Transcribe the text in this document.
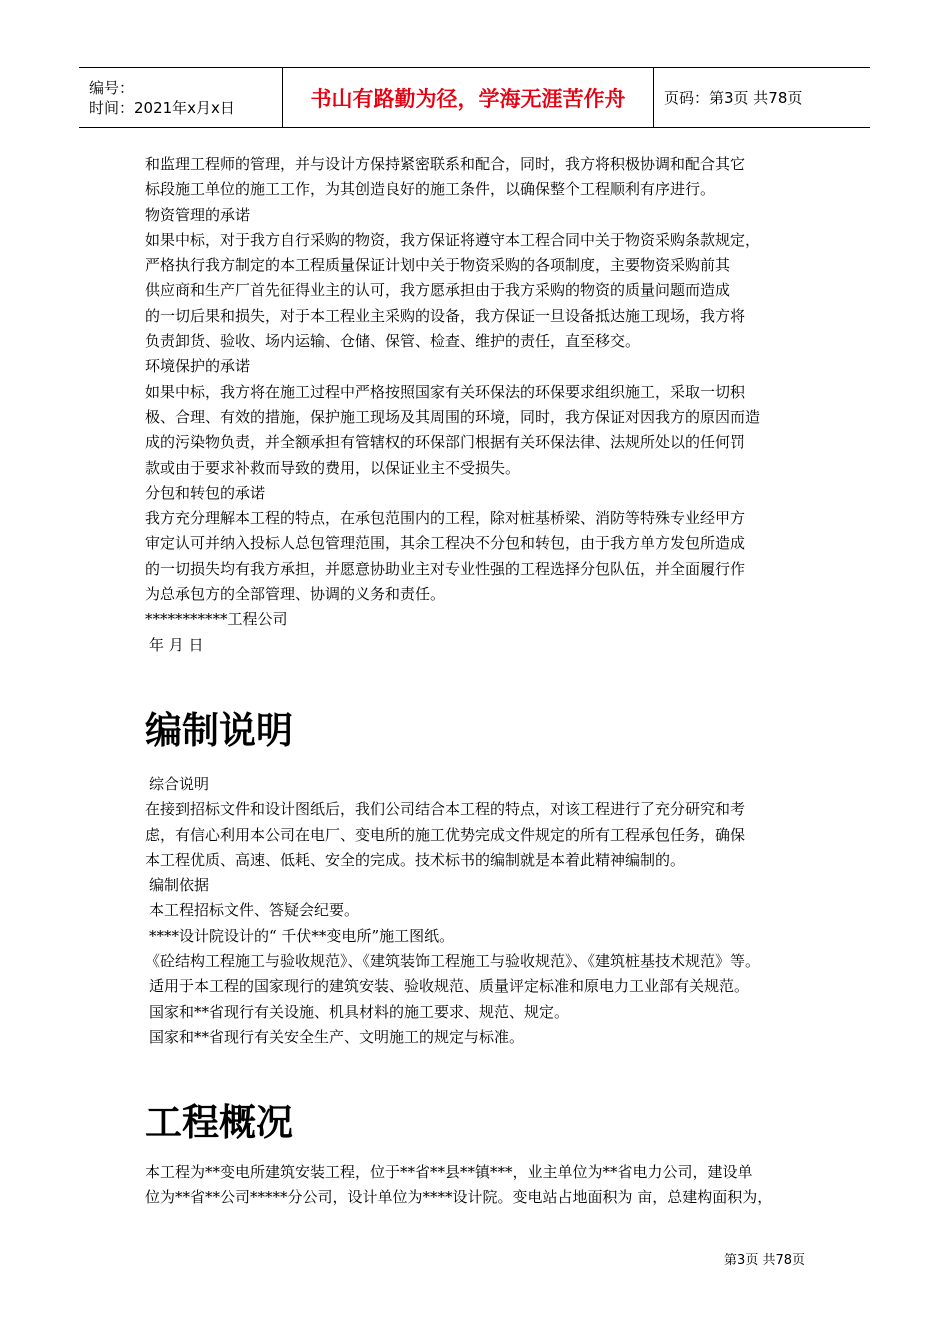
编号：
时间：2021年x月x日	书山有路勤为径，学海无涯苦作舟	页码：第3页 共78页

和监理工程师的管理，并与设计方保持紧密联系和配合，同时，我方将积极协调和配合其它

标段施工单位的施工工作，为其创造良好的施工条件，以确保整个工程顺利有序进行。

物资管理的承诺

如果中标，对于我方自行采购的物资，我方保证将遵守本工程合同中关于物资采购条款规定，

严格执行我方制定的本工程质量保证计划中关于物资采购的各项制度，主要物资采购前其

供应商和生产厂首先征得业主的认可，我方愿承担由于我方采购的物资的质量问题而造成

的一切后果和损失，对于本工程业主采购的设备，我方保证一旦设备抵达施工现场，我方将

负责卸货、验收、场内运输、仓储、保管、检查、维护的责任，直至移交。

环境保护的承诺

如果中标，我方将在施工过程中严格按照国家有关环保法的环保要求组织施工，采取一切积

极、合理、有效的措施，保护施工现场及其周围的环境，同时，我方保证对因我方的原因而造

成的污染物负责，并全额承担有管辖权的环保部门根据有关环保法律、法规所处以的任何罚

款或由于要求补救而导致的费用，以保证业主不受损失。

分包和转包的承诺

我方充分理解本工程的特点，在承包范围内的工程，除对桩基桥梁、消防等特殊专业经甲方

审定认可并纳入投标人总包管理范围，其余工程决不分包和转包，由于我方单方发包所造成

的一切损失均有我方承担，并愿意协助业主对专业性强的工程选择分包队伍，并全面履行作

为总承包方的全部管理、协调的义务和责任。

***********工程公司

年 月 日

编制说明

综合说明

在接到招标文件和设计图纸后，我们公司结合本工程的特点，对该工程进行了充分研究和考

虑，有信心利用本公司在电厂、变电所的施工优势完成文件规定的所有工程承包任务，确保

本工程优质、高速、低耗、安全的完成。技术标书的编制就是本着此精神编制的。

编制依据

本工程招标文件、答疑会纪要。

****设计院设计的“ 千伏**变电所”施工图纸。

《砼结构工程施工与验收规范》、《建筑装饰工程施工与验收规范》、《建筑桩基技术规范》等。

适用于本工程的国家现行的建筑安装、验收规范、质量评定标准和原电力工业部有关规范。

国家和**省现行有关设施、机具材料的施工要求、规范、规定。

国家和**省现行有关安全生产、文明施工的规定与标准。

工程概况

本工程为**变电所建筑安装工程，位于**省**县**镇***，业主单位为**省电力公司，建设单

位为**省**公司*****分公司，设计单位为****设计院。变电站占地面积为 亩，总建构面积为，

第3页 共78页
